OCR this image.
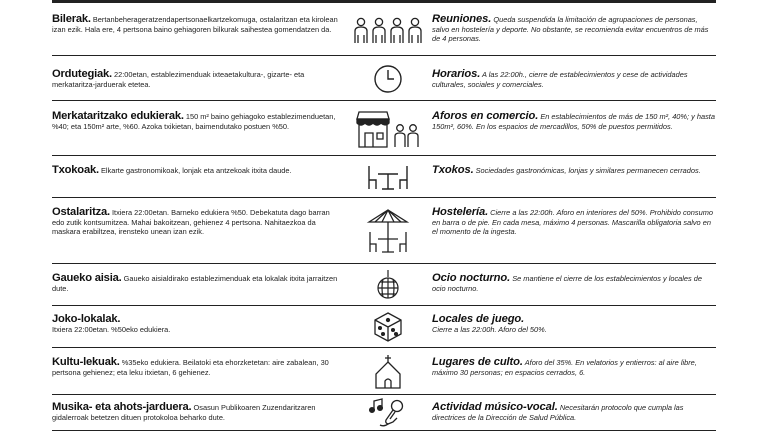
Bilerak. Bertanbeherageratzendapertsonaelkartzekomuga, ostalaritzan eta kirolean izan ezik. Hala ere, 4 pertsona baino gehiagoren bilkurak saihestea gomendatzen da.
Reuniones. Queda suspendida la limitación de agrupaciones de personas, salvo en hostelería y deporte. No obstante, se recomienda evitar encuentros de más de 4 personas.
Ordutegiak. 22:00etan, establezimenduak ixteaetakultura-, gizarte- eta merkataritza-jarduerak etetea.
Horarios. A las 22:00h., cierre de establecimientos y cese de actividades culturales, sociales y comerciales.
Merkataritzako edukierak. 150 m² baino gehiagoko establezimenduetan, %40; eta 150m² arte, %60. Azoka txikietan, baimendutako postuen %50.
Aforos en comercio. En establecimientos de más de 150 m², 40%; y hasta 150m², 60%. En los espacios de mercadillos, 50% de puestos permitidos.
Txokoak. Elkarte gastronomikoak, lonjak eta antzekoak itxita daude.	Txokos. Sociedades gastronómicas, lonjas y similares permanecen cerrados.
Ostalaritza. Itxiera 22:00etan. Barneko edukiera %50. Debekatuta dago barran edo zutik kontsumitzea. Mahai bakoitzean, gehienez 4 pertsona. Nahitaezkoa da maskara erabiltzea, irensteko unean izan ezik.
Hostelería. Cierre a las 22:00h. Aforo en interiores del 50%. Prohibido consumo en barra o de pie. En cada mesa, máximo 4 personas. Mascarilla obligatoria salvo en el momento de la ingesta.
Gaueko aisia. Gaueko aisialdirako establezimenduak eta lokalak itxita jarraitzen dute.
Ocio nocturno. Se mantiene el cierre de los establecimientos y locales de ocio nocturno.
Joko-lokalak.
Itxiera 22:00etan. %50eko edukiera.
Locales de juego.
Cierre a las 22:00h. Aforo del 50%.
Kultu-lekuak. %35eko edukiera. Beilatoki eta ehorzketetan: aire zabalean, 30 pertsona gehienez; eta leku itxietan, 6 gehienez.
Lugares de culto. Aforo del 35%. En velatorios y entierros: al aire libre, máximo 30 personas; en espacios cerrados, 6.
Musika- eta ahots-jarduera. Osasun Publikoaren Zuzendaritzaren gidalerroak betetzen dituen protokoloa beharko dute.
Actividad músico-vocal. Necesitarán protocolo que cumpla las directrices de la Dirección de Salud Pública.
